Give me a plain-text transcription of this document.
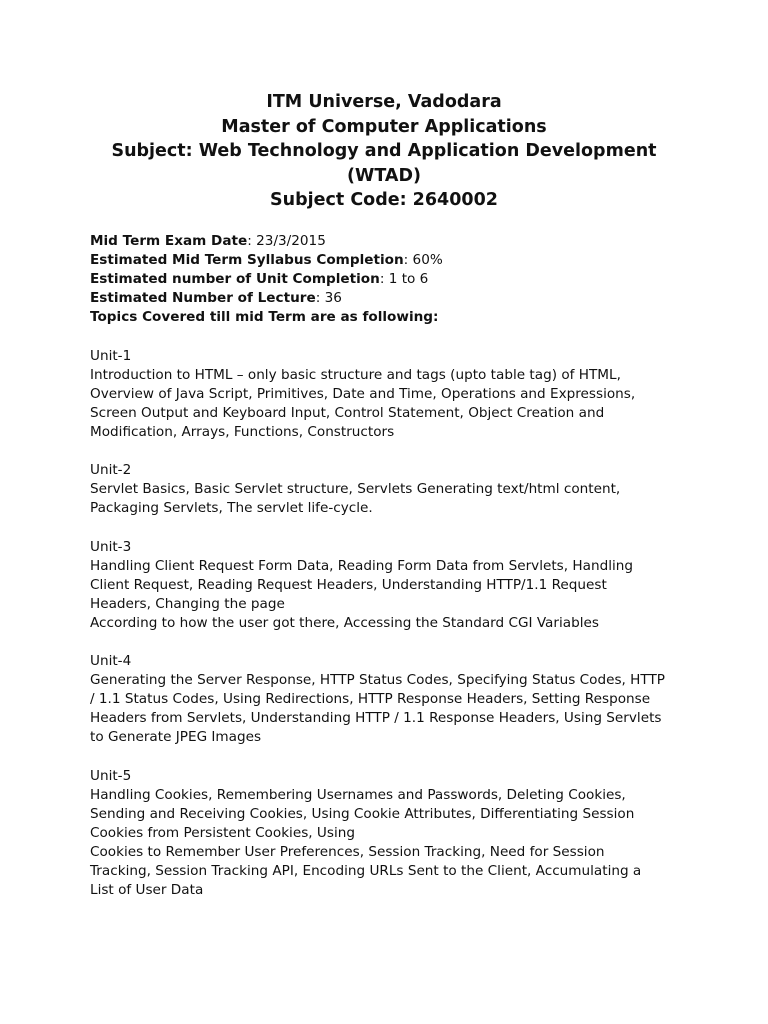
ITM Universe, Vadodara
Master of Computer Applications
Subject: Web Technology and Application Development
(WTAD)
Subject Code: 2640002
Mid Term Exam Date: 23/3/2015
Estimated Mid Term Syllabus Completion: 60%
Estimated number of Unit Completion: 1 to 6
Estimated Number of Lecture: 36
Topics Covered till mid Term are as following:
Unit-1
Introduction to HTML – only basic structure and tags (upto table tag) of HTML,
Overview of Java Script, Primitives, Date and Time, Operations and Expressions,
Screen Output and Keyboard Input, Control Statement, Object Creation and
Modification, Arrays, Functions, Constructors
Unit-2
Servlet Basics, Basic Servlet structure, Servlets Generating text/html content,
Packaging Servlets, The servlet life-cycle.
Unit-3
Handling Client Request Form Data, Reading Form Data from Servlets, Handling
Client Request, Reading Request Headers, Understanding HTTP/1.1 Request
Headers, Changing the page
According to how the user got there, Accessing the Standard CGI Variables
Unit-4
Generating the Server Response, HTTP Status Codes, Specifying Status Codes, HTTP
/ 1.1 Status Codes, Using Redirections, HTTP Response Headers, Setting Response
Headers from Servlets, Understanding HTTP / 1.1 Response Headers, Using Servlets
to Generate JPEG Images
Unit-5
Handling Cookies, Remembering Usernames and Passwords, Deleting Cookies,
Sending and Receiving Cookies, Using Cookie Attributes, Differentiating Session
Cookies from Persistent Cookies, Using
Cookies to Remember User Preferences, Session Tracking, Need for Session
Tracking, Session Tracking API, Encoding URLs Sent to the Client, Accumulating a
List of User Data
